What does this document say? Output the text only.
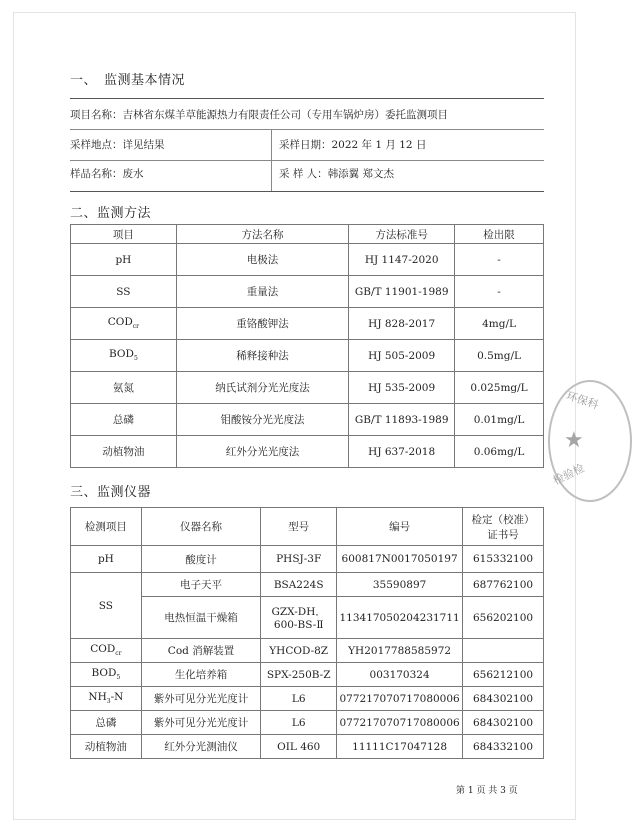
一、　监测基本情况
项目名称： 吉林省东煤羊草能源热力有限责任公司（专用车锅炉房）委托监测项目
采样地点： 详见结果	采样日期： 2022 年 1 月 12 日
样品名称： 废水	采 样 人： 韩添翼 郑文杰
二、监测方法
项目	方法名称	方法标准号	检出限
pH	电极法	HJ 1147-2020	-
SS	重量法	GB/T 11901-1989	-
$COD_{cr}$	重铬酸钾法	HJ 828-2017	4mg/L
$BOD_5$	稀释接种法	HJ 505-2009	0.5mg/L
氨氮	纳氏试剂分光光度法	HJ 535-2009	0.025mg/L
总磷	钼酸铵分光光度法	GB/T 11893-1989	0.01mg/L
动植物油	红外分光光度法	HJ 637-2018	0.06mg/L
三、监测仪器
检测项目	仪器名称	型号	编号	检定（校准）
证书号
pH	酸度计	PHSJ-3F	600817N0017050197	615332100
SS	电子天平	BSA224S	35590897	687762100
	电热恒温干燥箱	GZX-DH．
600-BS-Ⅱ	113417050204231711	656202100
$COD_{cr}$	Cod 消解装置	YHCOD-8Z	YH2017788585972	
$BOD_5$	生化培养箱	SPX-250B-Z	003170324	656212100
$NH_3-N$	紫外可见分光光度计	L6	077217070717080006	684302100
总磷	紫外可见分光光度计	L6	077217070717080006	684302100
动植物油	红外分光测油仪	OIL 460	11111C17047128	684332100
第 1 页 共 3 页
环保科
★
检验检
